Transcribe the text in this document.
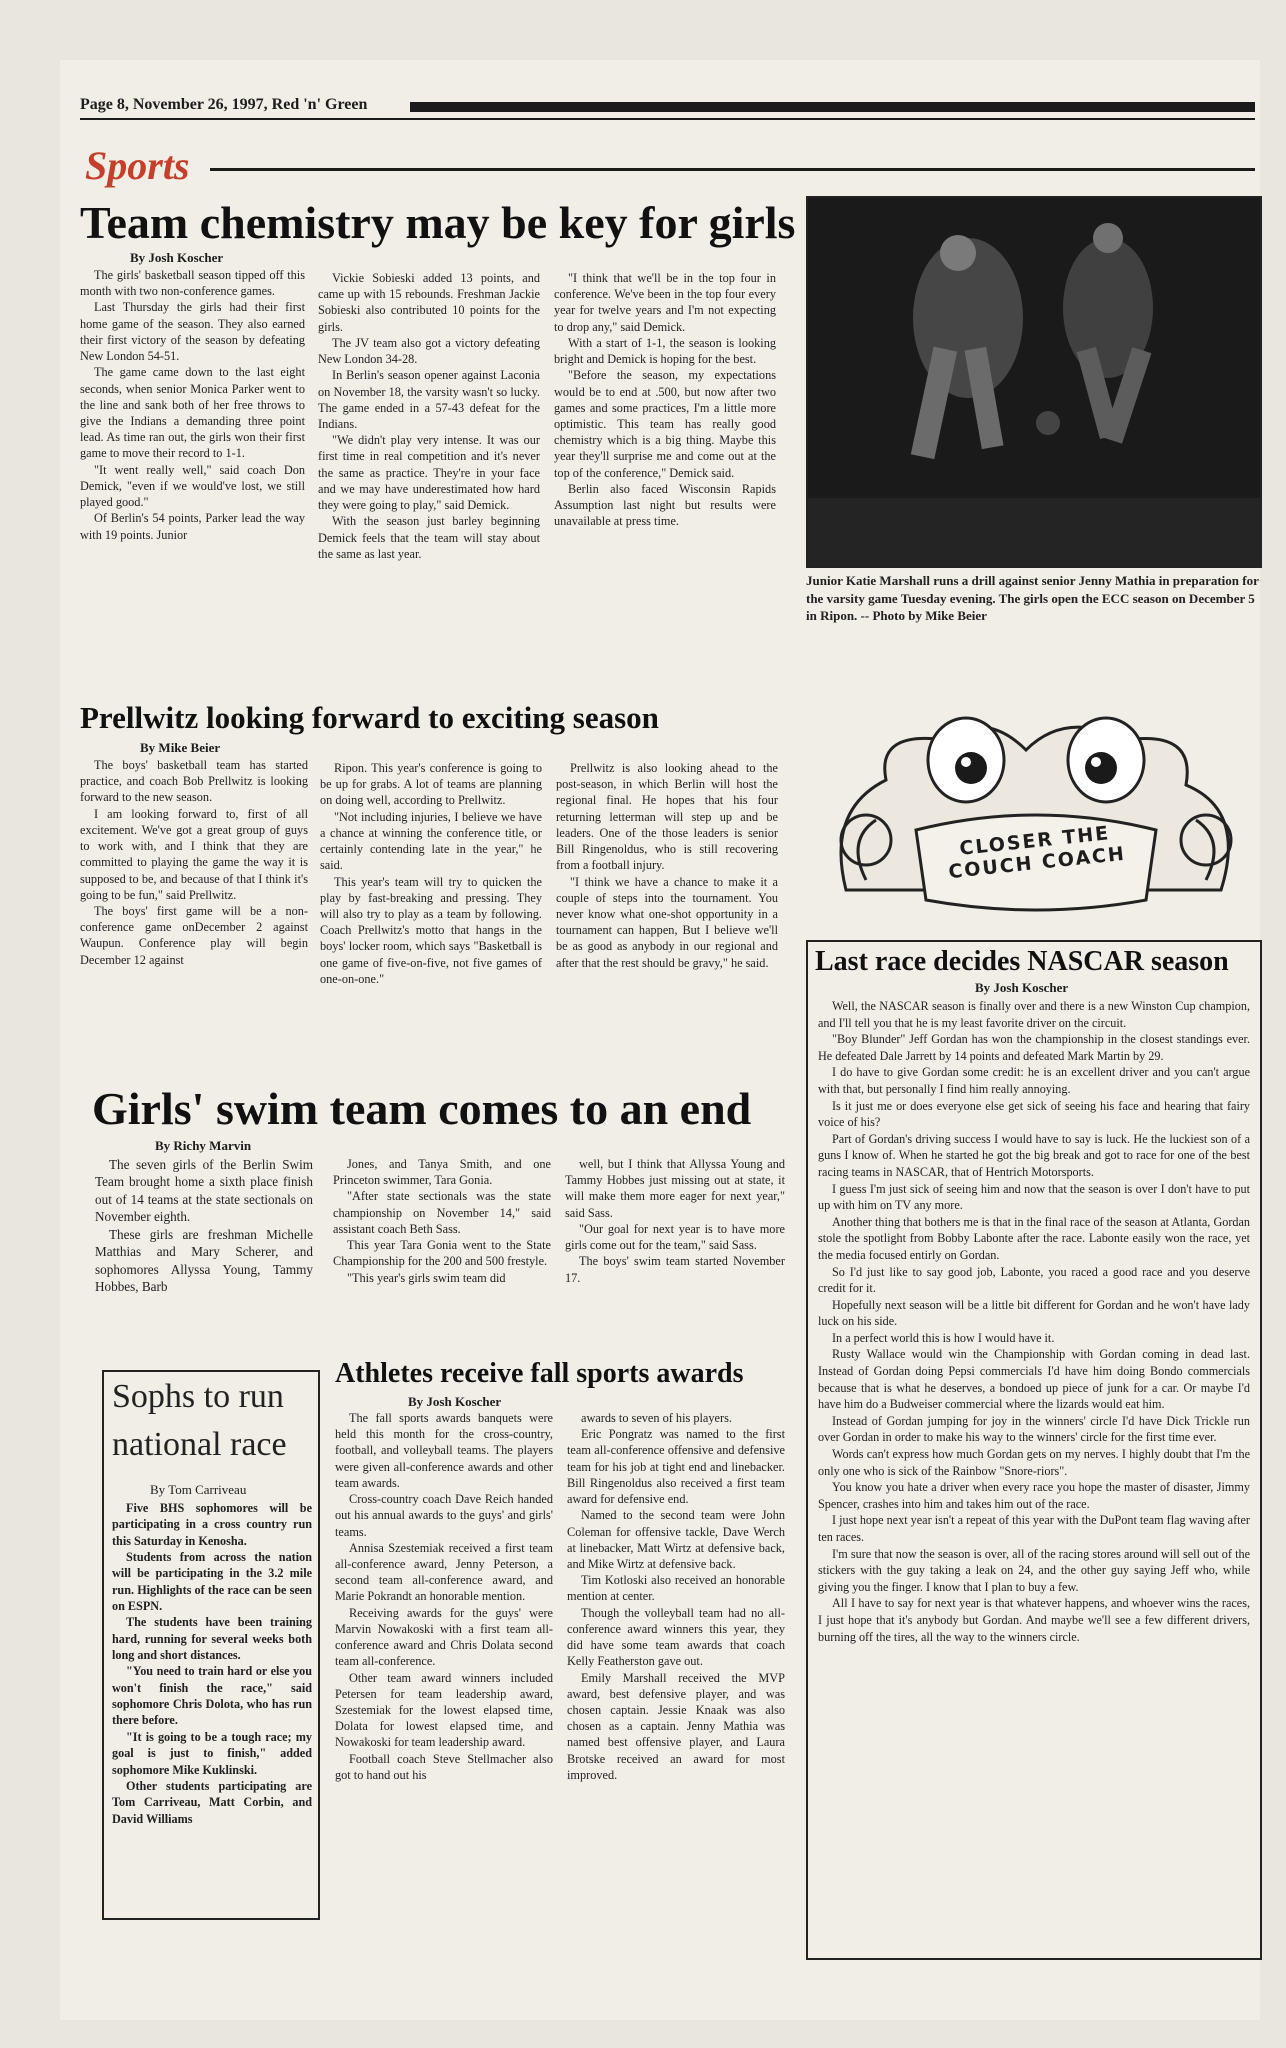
Page 8, November 26, 1997, Red 'n' Green
Sports
Team chemistry may be key for girls
By Josh Koscher

The girls' basketball season tipped off this month with two non-conference games.

Last Thursday the girls had their first home game of the season. They also earned their first victory of the season by defeating New London 54-51.

The game came down to the last eight seconds, when senior Monica Parker went to the line and sank both of her free throws to give the Indians a demanding three point lead. As time ran out, the girls won their first game to move their record to 1-1.

"It went really well," said coach Don Demick, "even if we would've lost, we still played good."

Of Berlin's 54 points, Parker lead the way with 19 points. Junior

Vickie Sobieski added 13 points, and came up with 15 rebounds. Freshman Jackie Sobieski also contributed 10 points for the girls.

The JV team also got a victory defeating New London 34-28.

In Berlin's season opener against Laconia on November 18, the varsity wasn't so lucky. The game ended in a 57-43 defeat for the Indians.

"We didn't play very intense. It was our first time in real competition and it's never the same as practice. They're in your face and we may have underestimated how hard they were going to play," said Demick.

With the season just barley beginning Demick feels that the team will stay about the same as last year.

"I think that we'll be in the top four in conference. We've been in the top four every year for twelve years and I'm not expecting to drop any," said Demick.

With a start of 1-1, the season is looking bright and Demick is hoping for the best.

"Before the season, my expectations would be to end at .500, but now after two games and some practices, I'm a little more optimistic. This team has really good chemistry which is a big thing. Maybe this year they'll surprise me and come out at the top of the conference," Demick said.

Berlin also faced Wisconsin Rapids Assumption last night but results were unavailable at press time.

Junior Katie Marshall runs a drill against senior Jenny Mathia in preparation for the varsity game Tuesday evening. The girls open the ECC season on December 5 in Ripon. -- Photo by Mike Beier
Prellwitz looking forward to exciting season
By Mike Beier

The boys' basketball team has started practice, and coach Bob Prellwitz is looking forward to the new season.

I am looking forward to, first of all excitement. We've got a great group of guys to work with, and I think that they are committed to playing the game the way it is supposed to be, and because of that I think it's going to be fun," said Prellwitz.

The boys' first game will be a non-conference game onDecember 2 against Waupun. Conference play will begin December 12 against

Ripon. This year's conference is going to be up for grabs. A lot of teams are planning on doing well, according to Prellwitz.

"Not including injuries, I believe we have a chance at winning the conference title, or certainly contending late in the year," he said.

This year's team will try to quicken the play by fast-breaking and pressing. They will also try to play as a team by following. Coach Prellwitz's motto that hangs in the boys' locker room, which says "Basketball is one game of five-on-five, not five games of one-on-one."

Prellwitz is also looking ahead to the post-season, in which Berlin will host the regional final. He hopes that his four returning letterman will step up and be leaders. One of the those leaders is senior Bill Ringenoldus, who is still recovering from a football injury.

"I think we have a chance to make it a couple of steps into the tournament. You never know what one-shot opportunity in a tournament can happen, But I believe we'll be as good as anybody in our regional and after that the rest should be gravy," he said.

CLOSER THE COUCH COACH
Last race decides NASCAR season
By Josh Koscher

Well, the NASCAR season is finally over and there is a new Winston Cup champion, and I'll tell you that he is my least favorite driver on the circuit.

"Boy Blunder" Jeff Gordan has won the championship in the closest standings ever. He defeated Dale Jarrett by 14 points and defeated Mark Martin by 29.

I do have to give Gordan some credit: he is an excellent driver and you can't argue with that, but personally I find him really annoying.

Is it just me or does everyone else get sick of seeing his face and hearing that fairy voice of his?

Part of Gordan's driving success I would have to say is luck. He the luckiest son of a guns I know of. When he started he got the big break and got to race for one of the best racing teams in NASCAR, that of Hentrich Motorsports.

I guess I'm just sick of seeing him and now that the season is over I don't have to put up with him on TV any more.

Another thing that bothers me is that in the final race of the season at Atlanta, Gordan stole the spotlight from Bobby Labonte after the race. Labonte easily won the race, yet the media focused entirly on Gordan.

So I'd just like to say good job, Labonte, you raced a good race and you deserve credit for it.

Hopefully next season will be a little bit different for Gordan and he won't have lady luck on his side.

In a perfect world this is how I would have it.

Rusty Wallace would win the Championship with Gordan coming in dead last. Instead of Gordan doing Pepsi commercials I'd have him doing Bondo commercials because that is what he deserves, a bondoed up piece of junk for a car. Or maybe I'd have him do a Budweiser commercial where the lizards would eat him.

Instead of Gordan jumping for joy in the winners' circle I'd have Dick Trickle run over Gordan in order to make his way to the winners' circle for the first time ever.

Words can't express how much Gordan gets on my nerves. I highly doubt that I'm the only one who is sick of the Rainbow "Snore-riors".

You know you hate a driver when every race you hope the master of disaster, Jimmy Spencer, crashes into him and takes him out of the race.

I just hope next year isn't a repeat of this year with the DuPont team flag waving after ten races.

I'm sure that now the season is over, all of the racing stores around will sell out of the stickers with the guy taking a leak on 24, and the other guy saying Jeff who, while giving you the finger. I know that I plan to buy a few.

All I have to say for next year is that whatever happens, and whoever wins the races, I just hope that it's anybody but Gordan. And maybe we'll see a few different drivers, burning off the tires, all the way to the winners circle.

Girls' swim team comes to an end
By Richy Marvin

The seven girls of the Berlin Swim Team brought home a sixth place finish out of 14 teams at the state sectionals on November eighth.

These girls are freshman Michelle Matthias and Mary Scherer, and sophomores Allyssa Young, Tammy Hobbes, Barb

Jones, and Tanya Smith, and one Princeton swimmer, Tara Gonia.

"After state sectionals was the state championship on November 14," said assistant coach Beth Sass.

This year Tara Gonia went to the State Championship for the 200 and 500 frestyle.

"This year's girls swim team did

well, but I think that Allyssa Young and Tammy Hobbes just missing out at state, it will make them more eager for next year," said Sass.

"Our goal for next year is to have more girls come out for the team," said Sass.

The boys' swim team started November 17.

Sophs to run
national race
By Tom Carriveau

Five BHS sophomores will be participating in a cross country run this Saturday in Kenosha.

Students from across the nation will be participating in the 3.2 mile run. Highlights of the race can be seen on ESPN.

The students have been training hard, running for several weeks both long and short distances.

"You need to train hard or else you won't finish the race," said sophomore Chris Dolota, who has run there before.

"It is going to be a tough race; my goal is just to finish," added sophomore Mike Kuklinski.

Other students participating are Tom Carriveau, Matt Corbin, and David Williams

Athletes receive fall sports awards
By Josh Koscher

The fall sports awards banquets were held this month for the cross-country, football, and volleyball teams. The players were given all-conference awards and other team awards.

Cross-country coach Dave Reich handed out his annual awards to the guys' and girls' teams.

Annisa Szestemiak received a first team all-conference award, Jenny Peterson, a second team all-conference award, and Marie Pokrandt an honorable mention.

Receiving awards for the guys' were Marvin Nowakoski with a first team all-conference award and Chris Dolata second team all-conference.

Other team award winners included Petersen for team leadership award, Szestemiak for the lowest elapsed time, Dolata for lowest elapsed time, and Nowakoski for team leadership award.

Football coach Steve Stellmacher also got to hand out his

awards to seven of his players.

Eric Pongratz was named to the first team all-conference offensive and defensive team for his job at tight end and linebacker. Bill Ringenoldus also received a first team award for defensive end.

Named to the second team were John Coleman for offensive tackle, Dave Werch at linebacker, Matt Wirtz at defensive back, and Mike Wirtz at defensive back.

Tim Kotloski also received an honorable mention at center.

Though the volleyball team had no all-conference award winners this year, they did have some team awards that coach Kelly Featherston gave out.

Emily Marshall received the MVP award, best defensive player, and was chosen captain. Jessie Knaak was also chosen as a captain. Jenny Mathia was named best offensive player, and Laura Brotske received an award for most improved.
